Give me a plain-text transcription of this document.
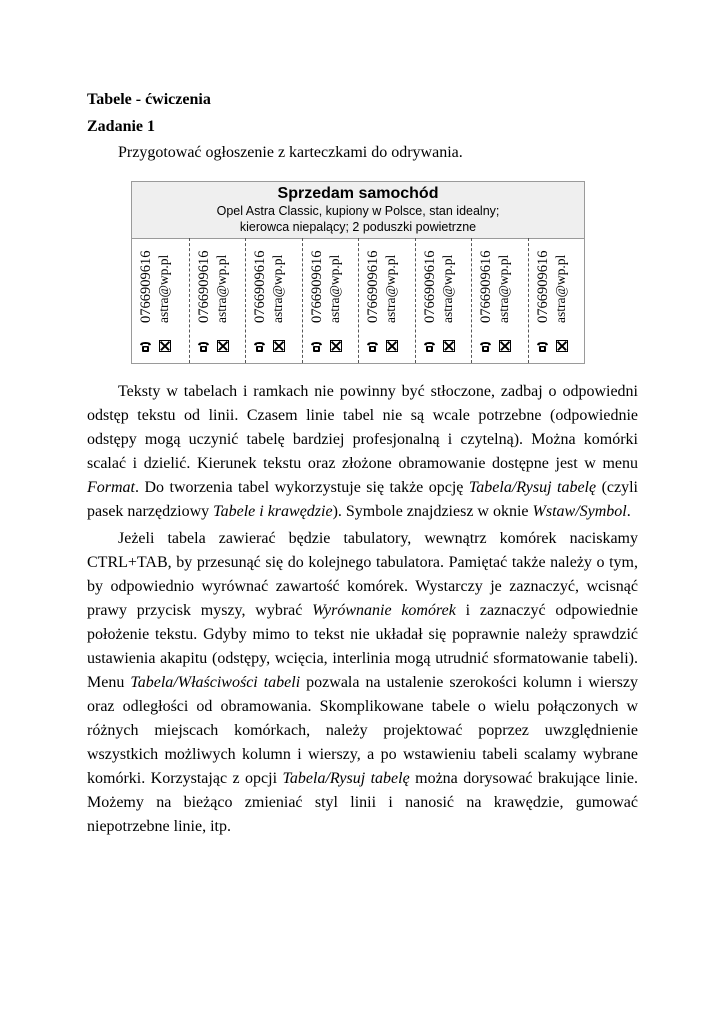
Tabele - ćwiczenia
Zadanie 1

Przygotować ogłoszenie z karteczkami do odrywania.

Sprzedam samochód
Opel Astra Classic, kupiony w Polsce, stan idealny;
kierowca niepalący; 2 poduszki powietrzne
0766909616 astra@wp.pl 0766909616 astra@wp.pl 0766909616 astra@wp.pl 0766909616 astra@wp.pl 0766909616 astra@wp.pl 0766909616 astra@wp.pl 0766909616 astra@wp.pl 0766909616 astra@wp.pl

Teksty w tabelach i ramkach nie powinny być stłoczone, zadbaj o odpowiedni odstęp tekstu od linii. Czasem linie tabel nie są wcale potrzebne (odpowiednie odstępy mogą uczynić tabelę bardziej profesjonalną i czytelną). Można komórki scalać i dzielić. Kierunek tekstu oraz złożone obramowanie dostępne jest w menu Format. Do tworzenia tabel wykorzystuje się także opcję Tabela/Rysuj tabelę (czyli pasek narzędziowy Tabele i krawędzie). Symbole znajdziesz w oknie Wstaw/Symbol.

Jeżeli tabela zawierać będzie tabulatory, wewnątrz komórek naciskamy CTRL+TAB, by przesunąć się do kolejnego tabulatora. Pamiętać także należy o tym, by odpowiednio wyrównać zawartość komórek. Wystarczy je zaznaczyć, wcisnąć prawy przycisk myszy, wybrać Wyrównanie komórek i zaznaczyć odpowiednie położenie tekstu. Gdyby mimo to tekst nie układał się poprawnie należy sprawdzić ustawienia akapitu (odstępy, wcięcia, interlinia mogą utrudnić sformatowanie tabeli). Menu Tabela/Właściwości tabeli pozwala na ustalenie szerokości kolumn i wierszy oraz odległości od obramowania. Skomplikowane tabele o wielu połączonych w różnych miejscach komórkach, należy projektować poprzez uwzględnienie wszystkich możliwych kolumn i wierszy, a po wstawieniu tabeli scalamy wybrane komórki. Korzystając z opcji Tabela/Rysuj tabelę można dorysować brakujące linie. Możemy na bieżąco zmieniać styl linii i nanosić na krawędzie, gumować niepotrzebne linie, itp.
